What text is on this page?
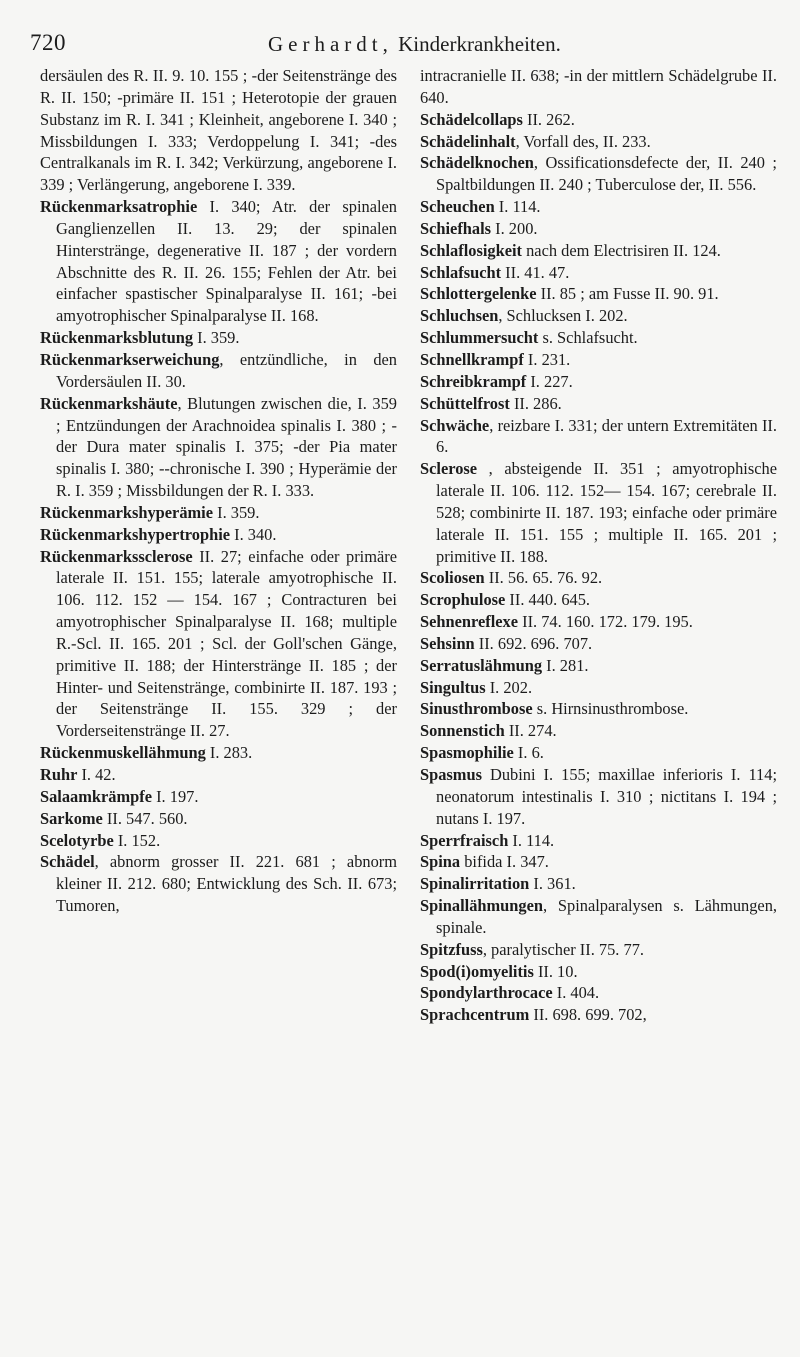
720	Gerhardt, Kinderkrankheiten.

dersäulen des R. II. 9. 10. 155 ; -der Seitenstränge des R. II. 150; -primäre II. 151 ; Heterotopie der grauen Substanz im R. I. 341 ; Kleinheit, angeborene I. 340 ; Missbildungen I. 333; Verdoppelung I. 341; -des Centralkanals im R. I. 342; Verkürzung, angeborene I. 339 ; Verlängerung, angeborene I. 339.

Rückenmarksatrophie I. 340; Atr. der spinalen Ganglienzellen II. 13. 29; der spinalen Hinterstränge, degenerative II. 187 ; der vordern Abschnitte des R. II. 26. 155; Fehlen der Atr. bei einfacher spastischer Spinalparalyse II. 161; -bei amyotrophischer Spinalparalyse II. 168.

Rückenmarksblutung I. 359.

Rückenmarkserweichung, entzündliche, in den Vordersäulen II. 30.

Rückenmarkshäute, Blutungen zwischen die, I. 359 ; Entzündungen der Arachnoidea spinalis I. 380 ; -der Dura mater spinalis I. 375; -der Pia mater spinalis I. 380; --chronische I. 390 ; Hyperämie der R. I. 359 ; Missbildungen der R. I. 333.

Rückenmarkshyperämie I. 359.

Rückenmarkshypertrophie I. 340.

Rückenmarkssclerose II. 27; einfache oder primäre laterale II. 151. 155; laterale amyotrophische II. 106. 112. 152 — 154. 167 ; Contracturen bei amyotrophischer Spinalparalyse II. 168; multiple R.-Scl. II. 165. 201 ; Scl. der Goll'schen Gänge, primitive II. 188; der Hinterstränge II. 185 ; der Hinter- und Seitenstränge, combinirte II. 187. 193 ; der Seitenstränge II. 155. 329 ; der Vorderseitenstränge II. 27.

Rückenmuskellähmung I. 283.

Ruhr I. 42.

Salaamkrämpfe I. 197.

Sarkome II. 547. 560.

Scelotyrbe I. 152.

Schädel, abnorm grosser II. 221. 681 ; abnorm kleiner II. 212. 680; Entwicklung des Sch. II. 673; Tumoren,

intracranielle II. 638; -in der mittlern Schädelgrube II. 640.

Schädelcollaps II. 262.

Schädelinhalt, Vorfall des, II. 233.

Schädelknochen, Ossificationsdefecte der, II. 240 ; Spaltbildungen II. 240 ; Tuberculose der, II. 556.

Scheuchen I. 114.

Schiefhals I. 200.

Schlaflosigkeit nach dem Electrisiren II. 124.

Schlafsucht II. 41. 47.

Schlottergelenke II. 85 ; am Fusse II. 90. 91.

Schluchsen, Schlucksen I. 202.

Schlummersucht s. Schlafsucht.

Schnellkrampf I. 231.

Schreibkrampf I. 227.

Schüttelfrost II. 286.

Schwäche, reizbare I. 331; der untern Extremitäten II. 6.

Sclerose , absteigende II. 351 ; amyotrophische laterale II. 106. 112. 152— 154. 167; cerebrale II. 528; combinirte II. 187. 193; einfache oder primäre laterale II. 151. 155 ; multiple II. 165. 201 ; primitive II. 188.

Scoliosen II. 56. 65. 76. 92.

Scrophulose II. 440. 645.

Sehnenreflexe II. 74. 160. 172. 179. 195.

Sehsinn II. 692. 696. 707.

Serratuslähmung I. 281.

Singultus I. 202.

Sinusthrombose s. Hirnsinusthrombose.

Sonnenstich II. 274.

Spasmophilie I. 6.

Spasmus Dubini I. 155; maxillae inferioris I. 114; neonatorum intestinalis I. 310 ; nictitans I. 194 ; nutans I. 197.

Sperrfraisch I. 114.

Spina bifida I. 347.

Spinalirritation I. 361.

Spinallähmungen, Spinalparalysen s. Lähmungen, spinale.

Spitzfuss, paralytischer II. 75. 77.

Spod(i)omyelitis II. 10.

Spondylarthrocace I. 404.

Sprachcentrum II. 698. 699. 702,
